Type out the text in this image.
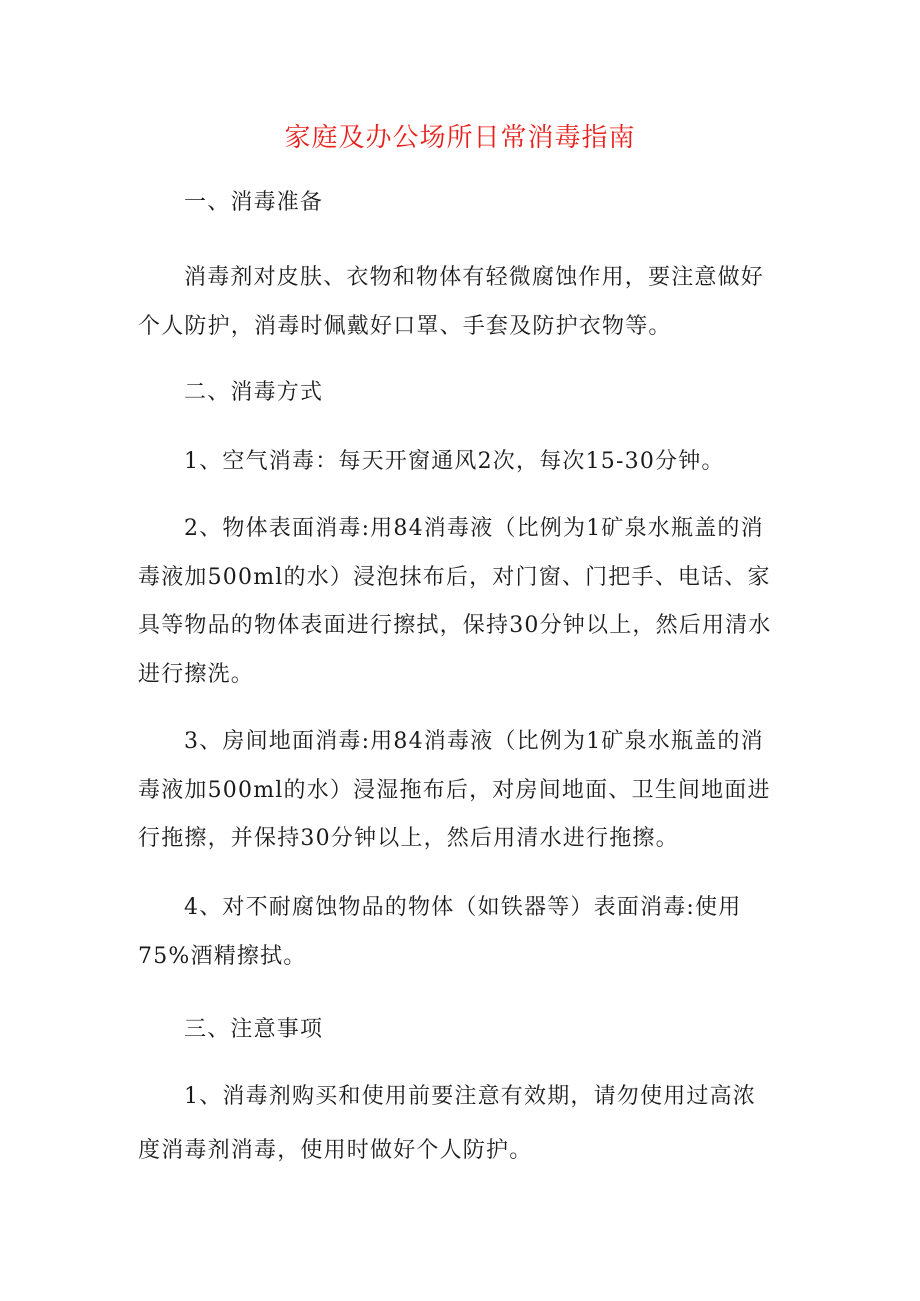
家庭及办公场所日常消毒指南
一、消毒准备

消毒剂对皮肤、衣物和物体有轻微腐蚀作用，要注意做好个人防护，消毒时佩戴好口罩、手套及防护衣物等。

二、消毒方式

1、空气消毒：每天开窗通风2次，每次15-30分钟。

2、物体表面消毒:用84消毒液（比例为1矿泉水瓶盖的消毒液加500ml的水）浸泡抹布后，对门窗、门把手、电话、家具等物品的物体表面进行擦拭，保持30分钟以上，然后用清水进行擦洗。

3、房间地面消毒:用84消毒液（比例为1矿泉水瓶盖的消毒液加500ml的水）浸湿拖布后，对房间地面、卫生间地面进行拖擦，并保持30分钟以上，然后用清水进行拖擦。

4、对不耐腐蚀物品的物体（如铁器等）表面消毒:使用75%酒精擦拭。

三、注意事项
1、消毒剂购买和使用前要注意有效期，请勿使用过高浓
度消毒剂消毒，使用时做好个人防护。
